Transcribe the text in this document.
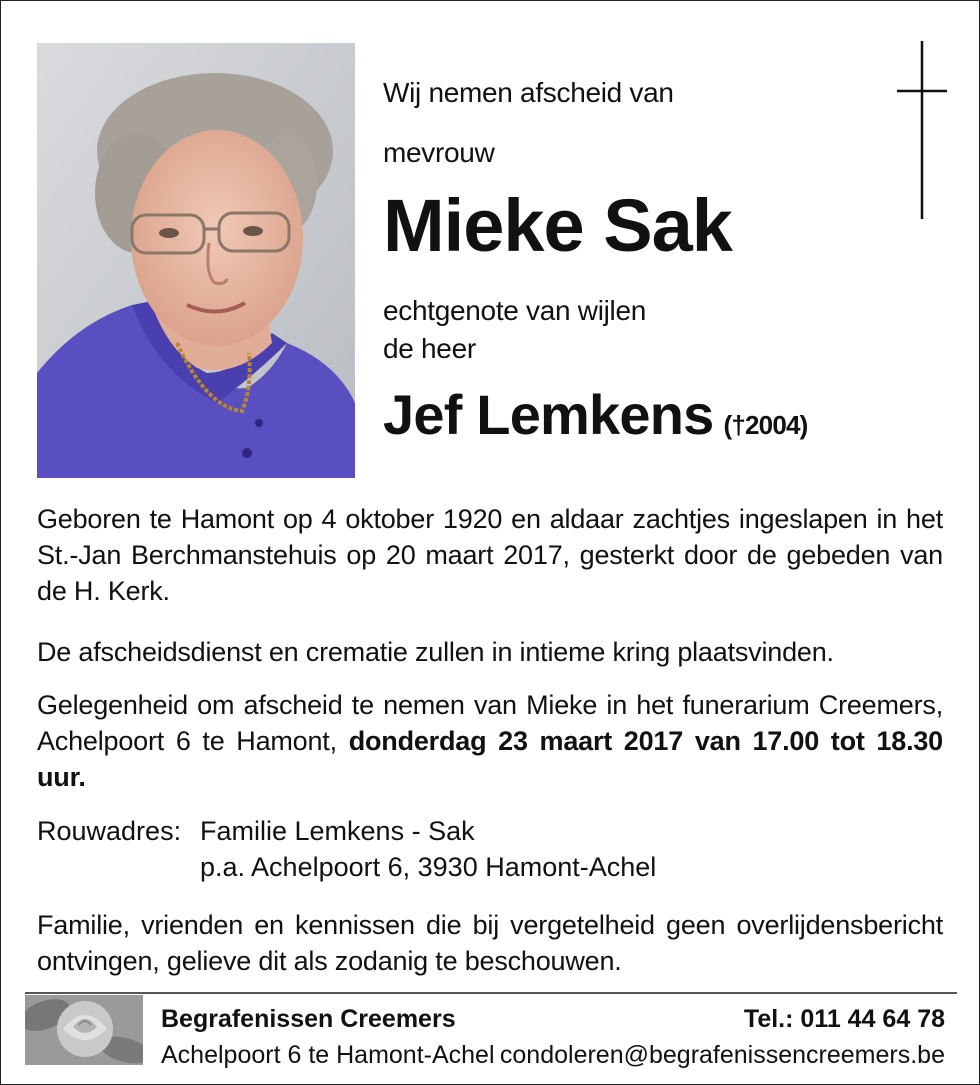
Wij nemen afscheid van
mevrouw
Mieke Sak
echtgenote van wijlen
de heer
Jef Lemkens (†2004)
Geboren te Hamont op 4 oktober 1920 en aldaar zachtjes ingeslapen in het St.-Jan Berchmanstehuis op 20 maart 2017, gesterkt door de gebeden van de H. Kerk.
De afscheidsdienst en crematie zullen in intieme kring plaatsvinden.
Gelegenheid om afscheid te nemen van Mieke in het funerarium Creemers, Achelpoort 6 te Hamont, donderdag 23 maart 2017 van 17.00 tot 18.30 uur.
Rouwadres: Familie Lemkens - Sak
p.a. Achelpoort 6, 3930 Hamont-Achel
Familie, vrienden en kennissen die bij vergetelheid geen overlijdensbericht ontvingen, gelieve dit als zodanig te beschouwen.
Begrafenissen Creemers
Achelpoort 6 te Hamont-Achel
Tel.: 011 44 64 78
condoleren@begrafenissencreemers.be
